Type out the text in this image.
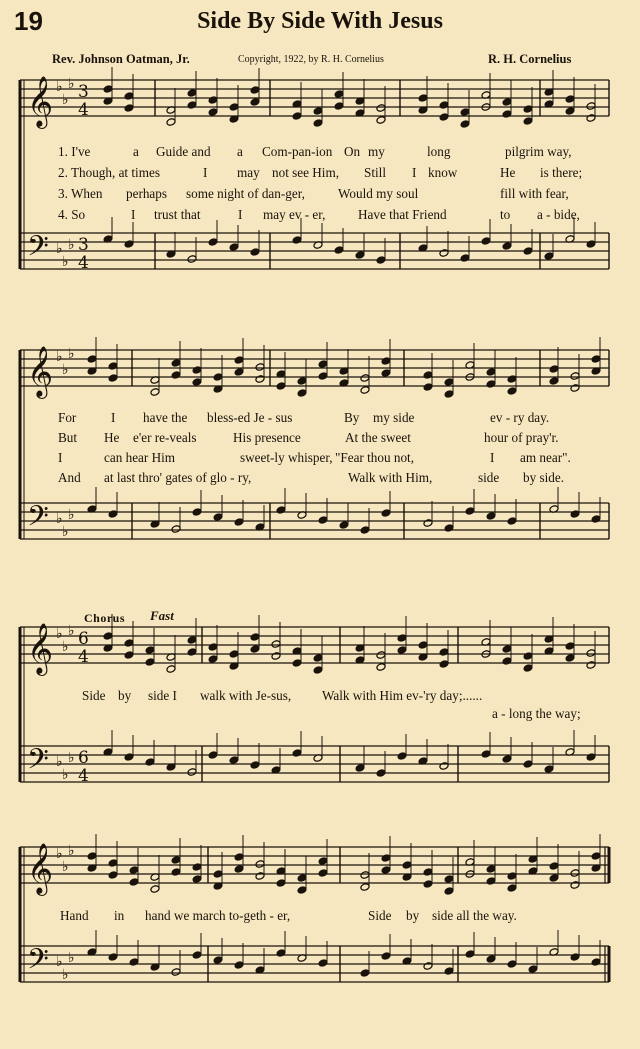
19	Side By Side With Jesus
Rev. Johnson Oatman, Jr.	Copyright, 1922, by R. H. Cornelius	R. H. Cornelius
𝄞
𝄢
♭
♭
♭
♭
♭
♭
3
4
3
4
𝄞
𝄢
♭
♭
♭
♭
♭
♭
𝄞
𝄢
♭
♭
♭
♭
♭
♭
6
4
6
4
𝄞
𝄢
♭
♭
♭
♭
♭
♭
1. I've	a Guide and a Com-pan-ion On my	long	pilgrim way,
2. Though, at times	I may not see Him, Still I know	He is there;
3. When perhaps some night of dan-ger,	Would my soul	fill with fear,
4. So	I trust that	I may ev - er, Have that Friend	to a - bide,
For	I have the bless-ed Je - sus	By my side	ev - ry day.
But He e'er re-veals	His presence	At the sweet	hour of pray'r.
I	can hear Him	sweet-ly whisper, "Fear thou not,	I am near".
And at last thro' gates of glo - ry,	Walk with Him,	side by side.
Chorus Fast
Side by side I walk with Je-sus, Walk with Him ev-'ry day;......
a - long the way;
Hand in hand we march to-geth - er,	Side by side all the way.
